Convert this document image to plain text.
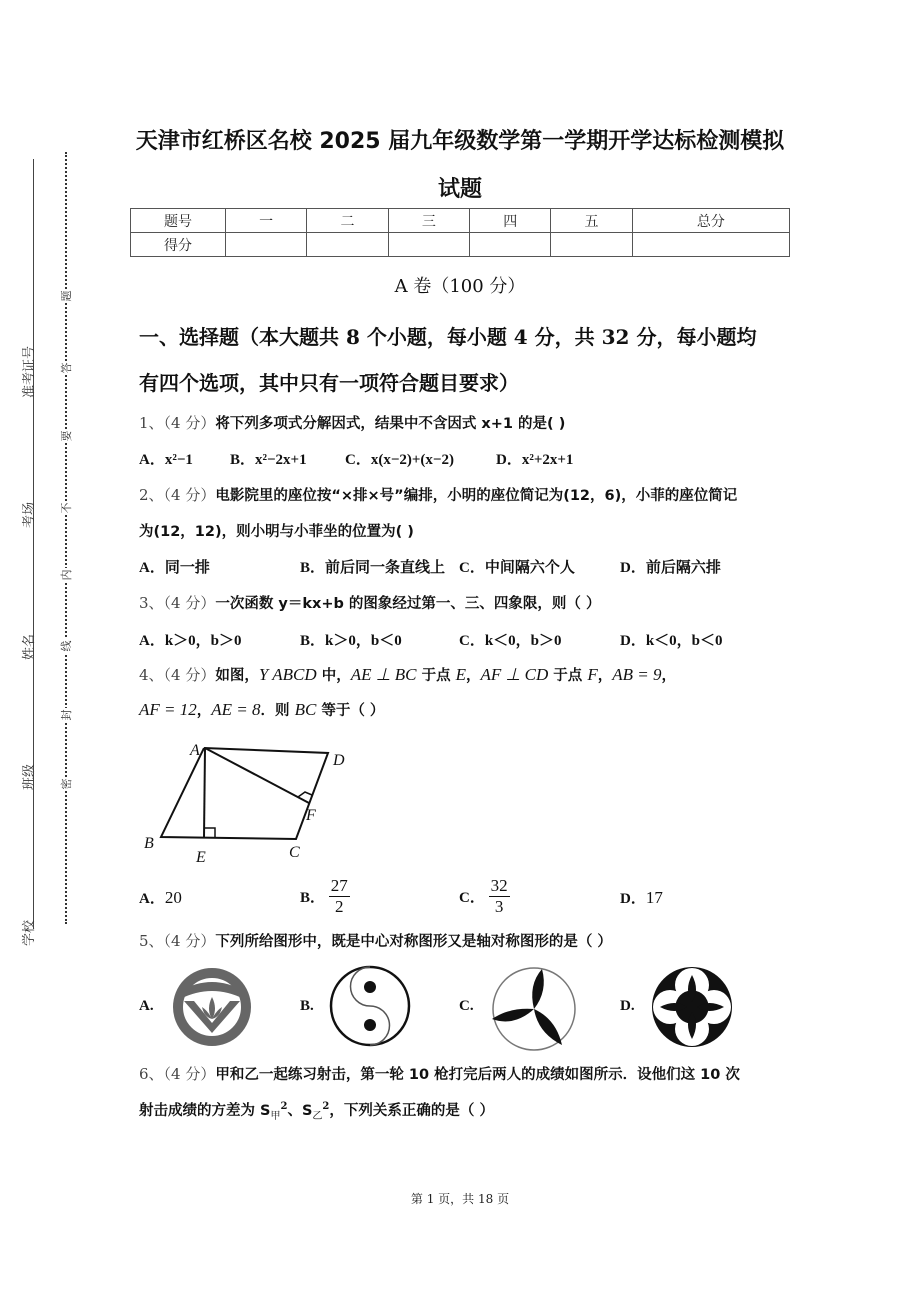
准考证号
考场
姓名
班级
学校
题
答
要
不
内
线
封
密
天津市红桥区名校 2025 届九年级数学第一学期开学达标检测模拟
试题
题号	一	二	三	四	五	总分
得分						
A 卷（100 分）
一、选择题（本大题共 8 个小题，每小题 4 分，共 32 分，每小题均
有四个选项，其中只有一项符合题目要求）
1、（4 分）将下列多项式分解因式，结果中不含因式 x+1 的是( )
A．x²−1 B．x²−2x+1	C．x(x−2)+(x−2)	D．x²+2x+1
2、（4 分）电影院里的座位按“×排×号”编排，小明的座位简记为(12，6)，小菲的座位简记
为(12，12)，则小明与小菲坐的位置为( )
A．同一排	B．前后同一条直线上 C．中间隔六个人	D．前后隔六排
3、（4 分）一次函数 y＝kx+b 的图象经过第一、三、四象限，则（ ）
A．k＞0，b＞0	B．k＞0，b＜0	C．k＜0，b＞0	D．k＜0，b＜0
4、（4 分）如图，Y ABCD 中，AE ⊥ BC 于点 E，AF ⊥ CD 于点 F，AB = 9，
AF = 12，AE = 8．则 BC 等于（ ）
A
B
C
D
E
F
A．20	B． $\frac{27}{2}$	C． $\frac{32}{3}$	D．17
5、（4 分）下列所给图形中，既是中心对称图形又是轴对称图形的是（ ）
A.	B.	C.	D.
6、（4 分）甲和乙一起练习射击，第一轮 10 枪打完后两人的成绩如图所示．设他们这 10 次
射击成绩的方差为 $S_甲^2$、$S_乙^2$，下列关系正确的是（ ）
第 1 页，共 18 页
